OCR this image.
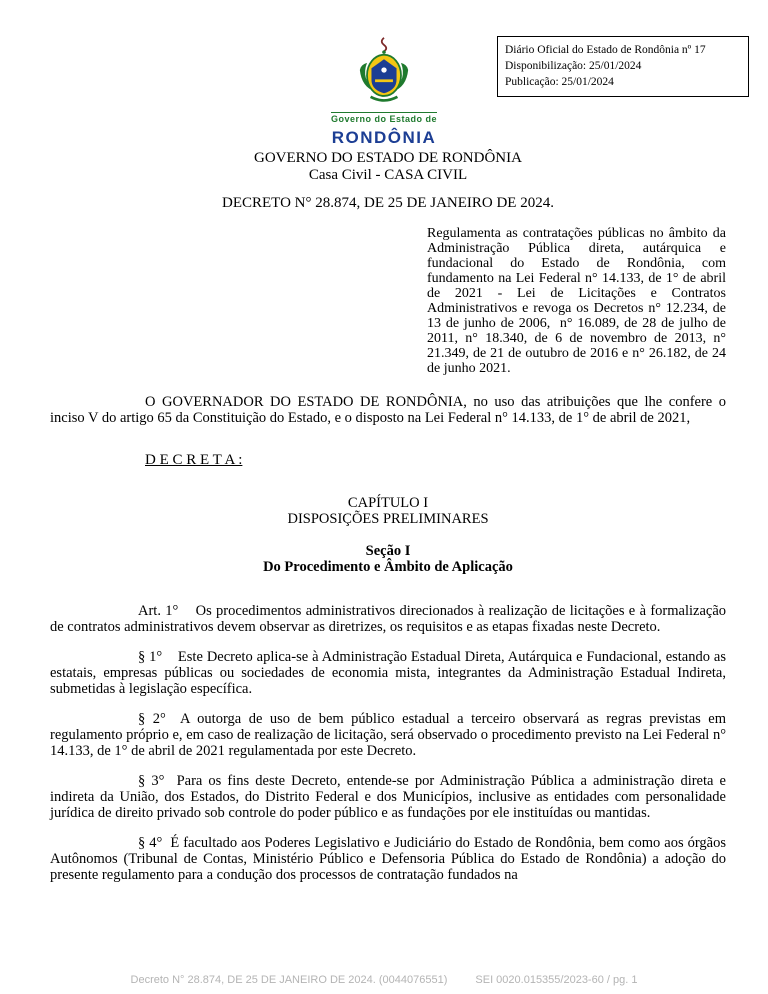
Diário Oficial do Estado de Rondônia nº 17
Disponibilização: 25/01/2024
Publicação: 25/01/2024
Governo do Estado de
RONDÔNIA
GOVERNO DO ESTADO DE RONDÔNIA
Casa Civil - CASA CIVIL
DECRETO N° 28.874, DE 25 DE JANEIRO DE 2024.
Regulamenta as contratações públicas no âmbito da Administração Pública direta, autárquica e fundacional do Estado de Rondônia, com fundamento na Lei Federal n° 14.133, de 1° de abril de 2021 - Lei de Licitações e Contratos Administrativos e revoga os Decretos n° 12.234, de 13 de junho de 2006,  n° 16.089, de 28 de julho de 2011, n° 18.340, de 6 de novembro de 2013, n° 21.349, de 21 de outubro de 2016 e n° 26.182, de 24 de junho 2021.
O GOVERNADOR DO ESTADO DE RONDÔNIA, no uso das atribuições que lhe confere o inciso V do artigo 65 da Constituição do Estado, e o disposto na Lei Federal n° 14.133, de 1° de abril de 2021,
D E C R E T A :
CAPÍTULO I
DISPOSIÇÕES PRELIMINARES
Seção I
Do Procedimento e Âmbito de Aplicação

Art. 1°    Os procedimentos administrativos direcionados à realização de licitações e à formalização de contratos administrativos devem observar as diretrizes, os requisitos e as etapas fixadas neste Decreto.

§ 1°    Este Decreto aplica-se à Administração Estadual Direta, Autárquica e Fundacional, estando as estatais, empresas públicas ou sociedades de economia mista, integrantes da Administração Estadual Indireta, submetidas à legislação específica.

§ 2°  A outorga de uso de bem público estadual a terceiro observará as regras previstas em regulamento próprio e, em caso de realização de licitação, será observado o procedimento previsto na Lei Federal n° 14.133, de 1° de abril de 2021 regulamentada por este Decreto.

§ 3°  Para os fins deste Decreto, entende-se por Administração Pública a administração direta e indireta da União, dos Estados, do Distrito Federal e dos Municípios, inclusive as entidades com personalidade jurídica de direito privado sob controle do poder público e as fundações por ele instituídas ou mantidas.

§ 4°  É facultado aos Poderes Legislativo e Judiciário do Estado de Rondônia, bem como aos órgãos Autônomos (Tribunal de Contas, Ministério Público e Defensoria Pública do Estado de Rondônia) a adoção do presente regulamento para a condução dos processos de contratação fundados na

Decreto N° 28.874, DE 25 DE JANEIRO DE 2024. (0044076551)	SEI 0020.015355/2023-60 / pg. 1
